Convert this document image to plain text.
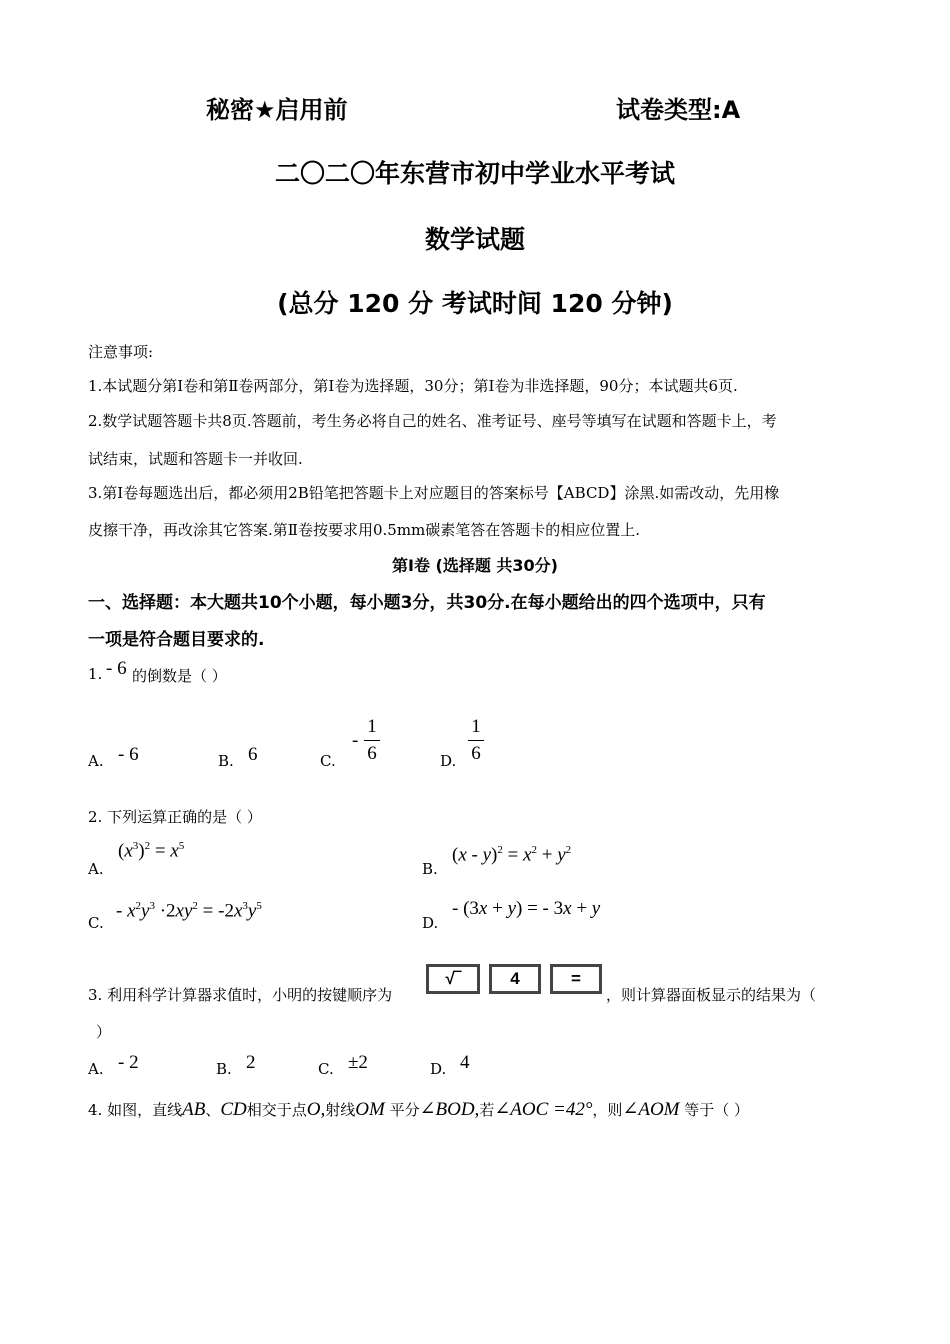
秘密★启用前	试卷类型:A
二〇二〇年东营市初中学业水平考试
数学试题
(总分 120 分 考试时间 120 分钟)
注意事项:
1.本试题分第Ⅰ卷和第Ⅱ卷两部分，第Ⅰ卷为选择题，30分；第Ⅰ卷为非选择题，90分；本试题共6页.
2.数学试题答题卡共8页.答题前，考生务必将自己的姓名、准考证号、座号等填写在试题和答题卡上，考
试结束，试题和答题卡一并收回.
3.第Ⅰ卷每题选出后，都必须用2B铅笔把答题卡上对应题目的答案标号【ABCD】涂黑.如需改动，先用橡
皮擦干净，再改涂其它答案.第Ⅱ卷按要求用0.5mm碳素笔答在答题卡的相应位置上.
第Ⅰ卷 (选择题 共30分)
一、选择题：本大题共10个小题，每小题3分，共30分.在每小题给出的四个选项中，只有
一项是符合题目要求的.
1. - 6 的倒数是（ ）
A. - 6	B. 6	C.
-
1
6	D.
1
6
2. 下列运算正确的是（ ）
A.
$(x^3)^2 = x^5$
B.
$(x - y)^2 = x^2 + y^2$
C.
- $x^2y^3 \cdot 2xy^2 = -2x^3y^5$
D.
- (3x + y) = - 3x + y
3. 利用科学计算器求值时，小明的按键顺序为
√‾	4	=
，则计算器面板显示的结果为（
）
A. - 2	B. 2	C. ±2	D. 4
4. 如图，直线AB、CD相交于点O,射线OM 平分∠BOD,若∠AOC =42°，则∠AOM 等于（ ）
